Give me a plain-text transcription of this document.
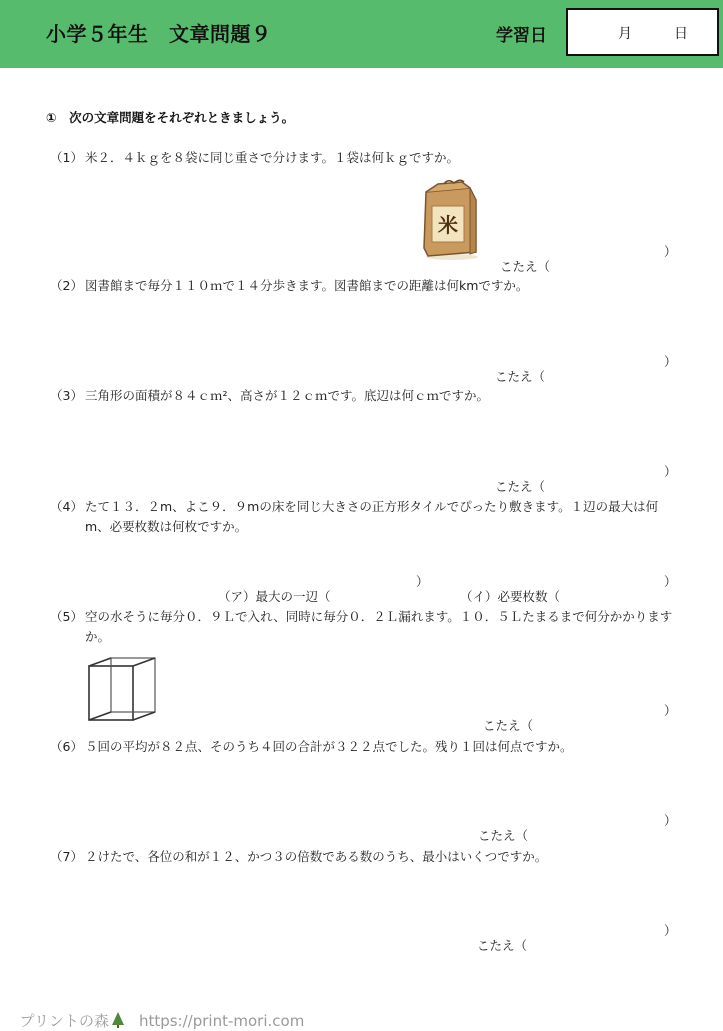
小学５年生　文章問題９	学習日	月	日
①　次の文章問題をそれぞれときましょう。
（1） 米２．４ｋｇを８袋に同じ重さで分けます。１袋は何ｋｇですか。
米

こたえ（

）

（2） 図書館まで毎分１１０ｍで１４分歩きます。図書館までの距離は何kmですか。

こたえ（

）

（3） 三角形の面積が８４ｃｍ²、高さが１２ｃｍです。底辺は何ｃｍですか。

こたえ（

）

（4） たて１３．２m、よこ９．９mの床を同じ大きさの正方形タイルでぴったり敷きます。１辺の最大は何m、必要枚数は何枚ですか。

（ア）最大の一辺（

）

（イ）必要枚数（

）

（5） 空の水そうに毎分０．９Ｌで入れ、同時に毎分０．２Ｌ漏れます。１０．５Ｌたまるまで何分かかりますか。

こたえ（

）

（6） ５回の平均が８２点、そのうち４回の合計が３２２点でした。残り１回は何点ですか。

こたえ（

）

（7） ２けたで、各位の和が１２、かつ３の倍数である数のうち、最小はいくつですか。

こたえ（

）

プリントの森 https://print-mori.com
